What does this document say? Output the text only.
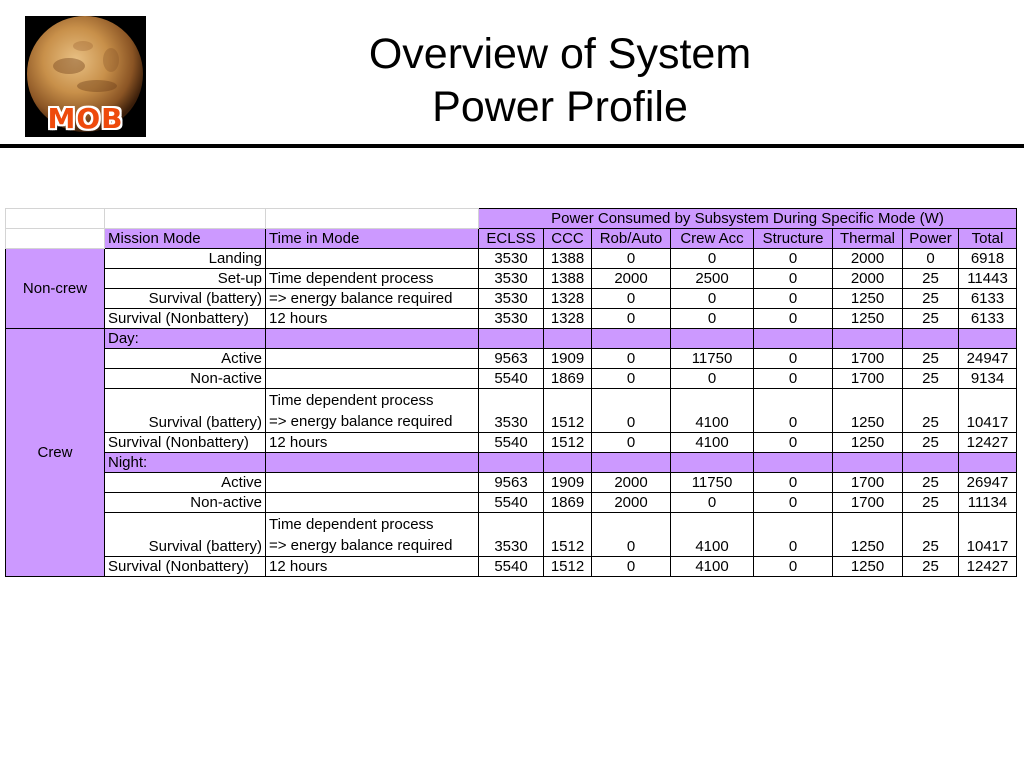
MOB
Overview of System
Power Profile
			Power Consumed by Subsystem During Specific Mode (W)							
	Mission Mode	Time in Mode	ECLSS	CCC	Rob/Auto	Crew Acc	Structure	Thermal	Power	Total
Non-crew	Landing		3530	1388	0	0	0	2000	0	6918
	Set-up	Time dependent process	3530	1388	2000	2500	0	2000	25	11443
	Survival (battery)	=> energy balance required	3530	1328	0	0	0	1250	25	6133
	Survival (Nonbattery)	12 hours	3530	1328	0	0	0	1250	25	6133
Crew	Day:									
	Active		9563	1909	0	11750	0	1700	25	24947
	Non-active		5540	1869	0	0	0	1700	25	9134
	Survival (battery)	Time dependent process
=> energy balance required	3530	1512	0	4100	0	1250	25	10417
	Survival (Nonbattery)	12 hours	5540	1512	0	4100	0	1250	25	12427
	Night:									
	Active		9563	1909	2000	11750	0	1700	25	26947
	Non-active		5540	1869	2000	0	0	1700	25	11134
	Survival (battery)	Time dependent process
=> energy balance required	3530	1512	0	4100	0	1250	25	10417
	Survival (Nonbattery)	12 hours	5540	1512	0	4100	0	1250	25	12427
